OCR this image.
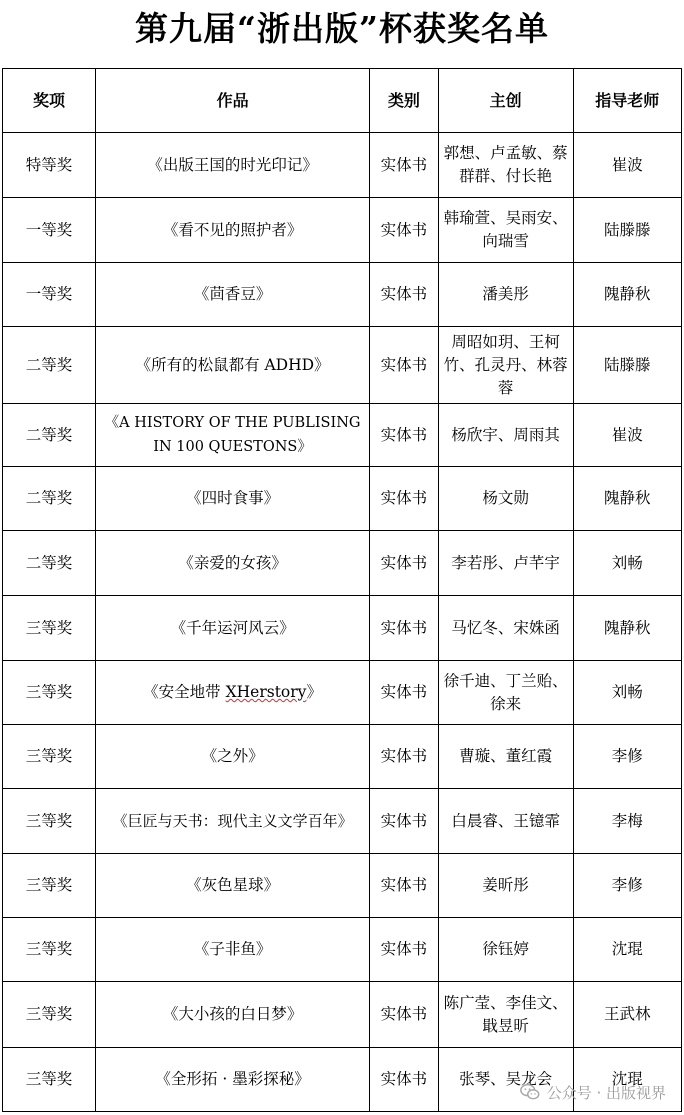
第九届“浙出版”杯获奖名单
奖项	作品	类别	主创	指导老师
特等奖	《出版王国的时光印记》	实体书	郭想、卢孟敏、蔡群群、付长艳	崔波
一等奖	《看不见的照护者》	实体书	韩瑜萱、吴雨安、向瑞雪	陆滕滕
一等奖	《茴香豆》	实体书	潘美彤	隗静秋
二等奖	《所有的松鼠都有 ADHD》	实体书	周昭如玥、王柯竹、孔灵丹、林蓉蓉	陆滕滕
二等奖	《A HISTORY OF THE PUBLISING IN 100 QUESTONS》	实体书	杨欣宇、周雨其	崔波
二等奖	《四时食事》	实体书	杨文勋	隗静秋
二等奖	《亲爱的女孩》	实体书	李若彤、卢芊宇	刘畅
三等奖	《千年运河风云》	实体书	马忆冬、宋姝函	隗静秋
三等奖	《安全地带 XHerstory》	实体书	徐千迪、丁兰贻、徐来	刘畅
三等奖	《之外》	实体书	曹璇、董红霞	李修
三等奖	《巨匠与天书：现代主义文学百年》	实体书	白晨睿、王镱霏	李梅
三等奖	《灰色星球》	实体书	姜昕彤	李修
三等奖	《子非鱼》	实体书	徐钰婷	沈琨
三等奖	《大小孩的白日梦》	实体书	陈广莹、李佳文、戢昱昕	王武林
三等奖	《全形拓 · 墨彩探秘》	实体书	张琴、吴龙会	沈琨
公众号 · 出版视界
